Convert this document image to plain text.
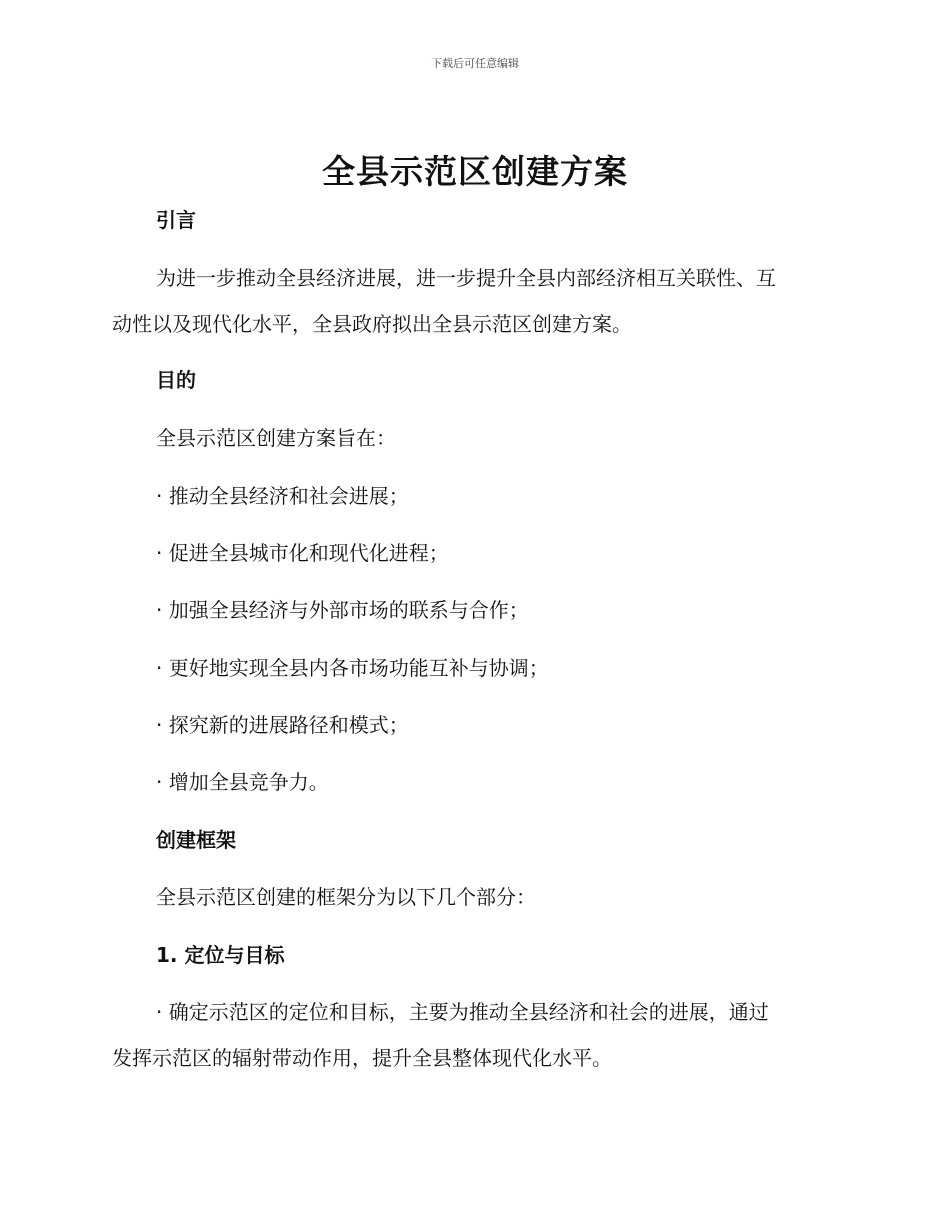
下载后可任意编辑
全县示范区创建方案
引言
为进一步推动全县经济进展，进一步提升全县内部经济相互关联性、互
动性以及现代化水平，全县政府拟出全县示范区创建方案。
目的
全县示范区创建方案旨在：
· 推动全县经济和社会进展；
· 促进全县城市化和现代化进程；
· 加强全县经济与外部市场的联系与合作；
· 更好地实现全县内各市场功能互补与协调；
· 探究新的进展路径和模式；
· 增加全县竞争力。
创建框架
全县示范区创建的框架分为以下几个部分：
1. 定位与目标
· 确定示范区的定位和目标，主要为推动全县经济和社会的进展，通过
发挥示范区的辐射带动作用，提升全县整体现代化水平。
